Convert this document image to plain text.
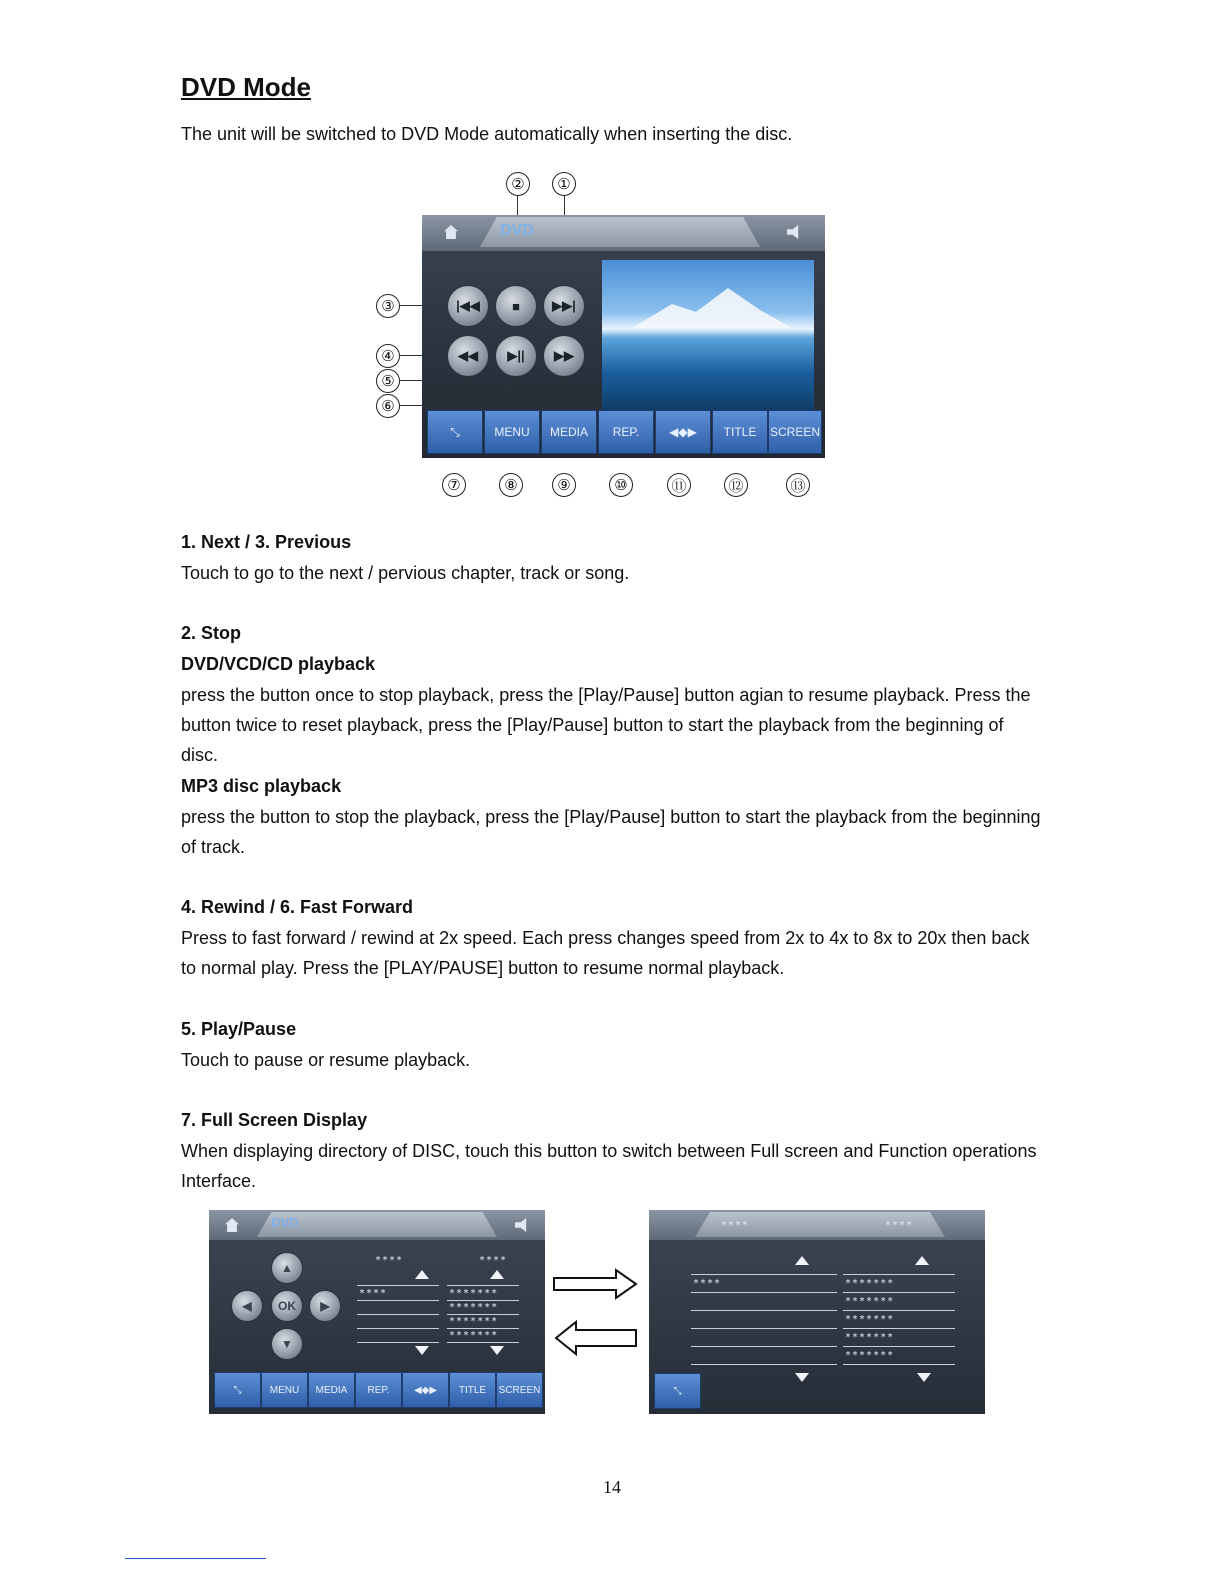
DVD Mode
The unit will be switched to DVD Mode automatically when inserting the disc.
DVD
|◀◀	■	▶▶|
◀◀	▶||	▶▶
⤡	MENU	MEDIA	REP.	◀◆▶	TITLE	SCREEN
②	①
③
④
⑤
⑥
⑦	⑧	⑨	⑩	⑪	⑫	⑬
1. Next / 3. Previous
Touch to go to the next / pervious chapter, track or song.
2. Stop
DVD/VCD/CD playback
press the button once to stop playback, press the [Play/Pause] button agian to resume playback. Press the button twice to reset playback, press the [Play/Pause] button to start the playback from the beginning of disc.
MP3 disc playback
press the button to stop the playback, press the [Play/Pause] button to start the playback from the beginning of track.
4. Rewind / 6. Fast Forward
Press to fast forward / rewind at 2x speed. Each press changes speed from 2x to 4x to 8x to 20x then back to normal play. Press the [PLAY/PAUSE] button to resume normal playback.
5. Play/Pause
Touch to pause or resume playback.
7. Full Screen Display
When displaying directory of DISC, touch this button to switch between Full screen and Function operations Interface.
DVD
▲
◀	OK	▶
▼
****	****
****	*******
*******
*******
*******
⤡	MENU	MEDIA	REP.	◀◆▶	TITLE	SCREEN
****	****
****	*******
*******
*******
*******
*******
⤡
14
